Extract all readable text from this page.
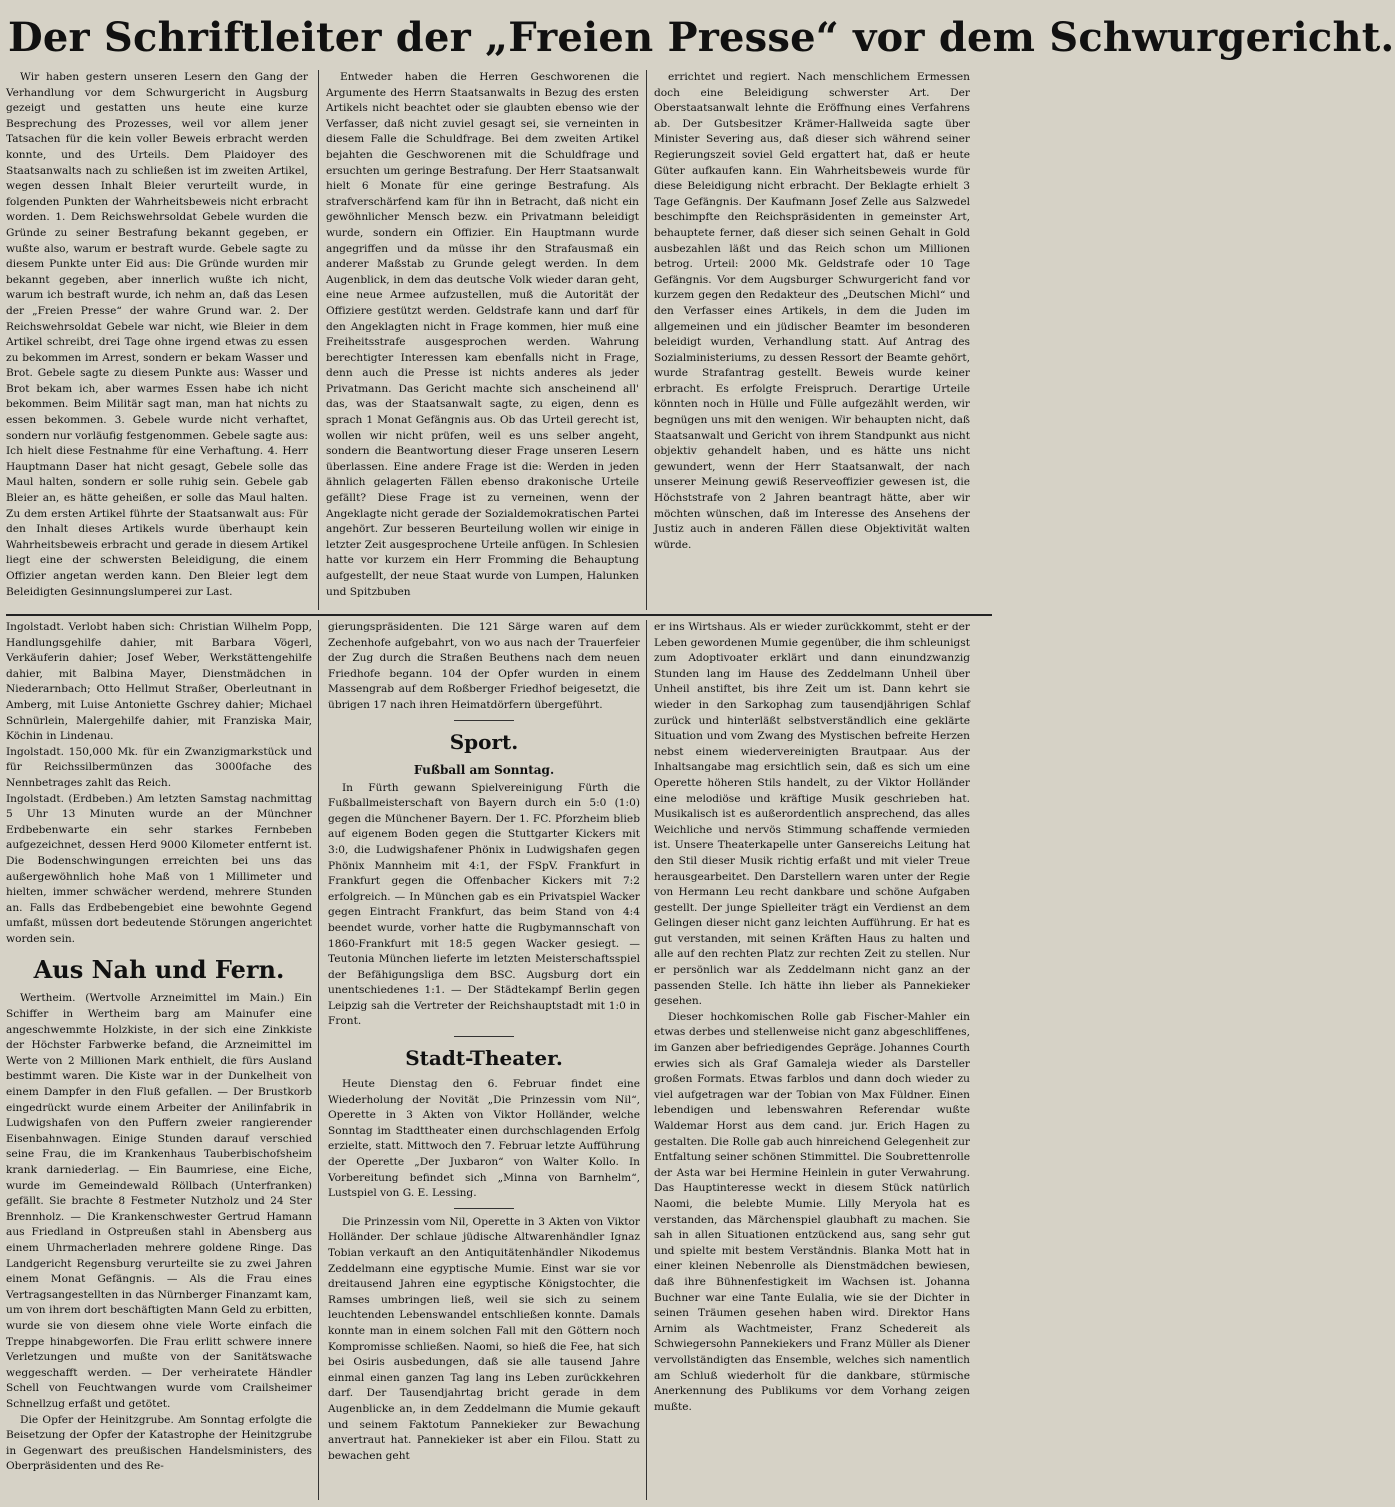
Der Schriftleiter der „Freien Presse“ vor dem Schwurgericht.

Wir haben gestern unseren Lesern den Gang der Verhandlung vor dem Schwurgericht in Augsburg gezeigt und gestatten uns heute eine kurze Besprechung des Prozesses, weil vor allem jener Tatsachen für die kein voller Beweis erbracht werden konnte, und des Urteils. Dem Plaidoyer des Staatsanwalts nach zu schließen ist im zweiten Artikel, wegen dessen Inhalt Bleier verurteilt wurde, in folgenden Punkten der Wahrheitsbeweis nicht erbracht worden. 1. Dem Reichswehrsoldat Gebele wurden die Gründe zu seiner Bestrafung bekannt gegeben, er wußte also, warum er bestraft wurde. Gebele sagte zu diesem Punkte unter Eid aus: Die Gründe wurden mir bekannt gegeben, aber innerlich wußte ich nicht, warum ich bestraft wurde, ich nehm an, daß das Lesen der „Freien Presse“ der wahre Grund war. 2. Der Reichswehrsoldat Gebele war nicht, wie Bleier in dem Artikel schreibt, drei Tage ohne irgend etwas zu essen zu bekommen im Arrest, sondern er bekam Wasser und Brot. Gebele sagte zu diesem Punkte aus: Wasser und Brot bekam ich, aber warmes Essen habe ich nicht bekommen. Beim Militär sagt man, man hat nichts zu essen bekommen. 3. Gebele wurde nicht verhaftet, sondern nur vorläufig festgenommen. Gebele sagte aus: Ich hielt diese Festnahme für eine Verhaftung. 4. Herr Hauptmann Daser hat nicht gesagt, Gebele solle das Maul halten, sondern er solle ruhig sein. Gebele gab Bleier an, es hätte geheißen, er solle das Maul halten. Zu dem ersten Artikel führte der Staatsanwalt aus: Für den Inhalt dieses Artikels wurde überhaupt kein Wahrheitsbeweis erbracht und gerade in diesem Artikel liegt eine der schwersten Beleidigung, die einem Offizier angetan werden kann. Den Bleier legt dem Beleidigten Gesinnungslumperei zur Last.

Entweder haben die Herren Geschworenen die Argumente des Herrn Staatsanwalts in Bezug des ersten Artikels nicht beachtet oder sie glaubten ebenso wie der Verfasser, daß nicht zuviel gesagt sei, sie verneinten in diesem Falle die Schuldfrage. Bei dem zweiten Artikel bejahten die Geschworenen mit die Schuldfrage und ersuchten um geringe Bestrafung. Der Herr Staatsanwalt hielt 6 Monate für eine geringe Bestrafung. Als strafverschärfend kam für ihn in Betracht, daß nicht ein gewöhnlicher Mensch bezw. ein Privatmann beleidigt wurde, sondern ein Offizier. Ein Hauptmann wurde angegriffen und da müsse ihr den Strafausmaß ein anderer Maßstab zu Grunde gelegt werden. In dem Augenblick, in dem das deutsche Volk wieder daran geht, eine neue Armee aufzustellen, muß die Autorität der Offiziere gestützt werden. Geldstrafe kann und darf für den Angeklagten nicht in Frage kommen, hier muß eine Freiheitsstrafe ausgesprochen werden. Wahrung berechtigter Interessen kam ebenfalls nicht in Frage, denn auch die Presse ist nichts anderes als jeder Privatmann. Das Gericht machte sich anscheinend all' das, was der Staatsanwalt sagte, zu eigen, denn es sprach 1 Monat Gefängnis aus. Ob das Urteil gerecht ist, wollen wir nicht prüfen, weil es uns selber angeht, sondern die Beantwortung dieser Frage unseren Lesern überlassen. Eine andere Frage ist die: Werden in jeden ähnlich gelagerten Fällen ebenso drakonische Urteile gefällt? Diese Frage ist zu verneinen, wenn der Angeklagte nicht gerade der Sozialdemokratischen Partei angehört. Zur besseren Beurteilung wollen wir einige in letzter Zeit ausgesprochene Urteile anfügen. In Schlesien hatte vor kurzem ein Herr Fromming die Behauptung aufgestellt, der neue Staat wurde von Lumpen, Halunken und Spitzbuben

errichtet und regiert. Nach menschlichem Ermessen doch eine Beleidigung schwerster Art. Der Oberstaatsanwalt lehnte die Eröffnung eines Verfahrens ab. Der Gutsbesitzer Krämer-Hallweida sagte über Minister Severing aus, daß dieser sich während seiner Regierungszeit soviel Geld ergattert hat, daß er heute Güter aufkaufen kann. Ein Wahrheitsbeweis wurde für diese Beleidigung nicht erbracht. Der Beklagte erhielt 3 Tage Gefängnis. Der Kaufmann Josef Zelle aus Salzwedel beschimpfte den Reichspräsidenten in gemeinster Art, behauptete ferner, daß dieser sich seinen Gehalt in Gold ausbezahlen läßt und das Reich schon um Millionen betrog. Urteil: 2000 Mk. Geldstrafe oder 10 Tage Gefängnis. Vor dem Augsburger Schwurgericht fand vor kurzem gegen den Redakteur des „Deutschen Michl“ und den Verfasser eines Artikels, in dem die Juden im allgemeinen und ein jüdischer Beamter im besonderen beleidigt wurden, Verhandlung statt. Auf Antrag des Sozialministeriums, zu dessen Ressort der Beamte gehört, wurde Strafantrag gestellt. Beweis wurde keiner erbracht. Es erfolgte Freispruch. Derartige Urteile könnten noch in Hülle und Fülle aufgezählt werden, wir begnügen uns mit den wenigen. Wir behaupten nicht, daß Staatsanwalt und Gericht von ihrem Standpunkt aus nicht objektiv gehandelt haben, und es hätte uns nicht gewundert, wenn der Herr Staatsanwalt, der nach unserer Meinung gewiß Reserveoffizier gewesen ist, die Höchststrafe von 2 Jahren beantragt hätte, aber wir möchten wünschen, daß im Interesse des Ansehens der Justiz auch in anderen Fällen diese Objektivität walten würde.

Ingolstadt. Verlobt haben sich: Christian Wilhelm Popp, Handlungsgehilfe dahier, mit Barbara Vögerl, Verkäuferin dahier; Josef Weber, Werkstättengehilfe dahier, mit Balbina Mayer, Dienstmädchen in Niederarnbach; Otto Hellmut Straßer, Oberleutnant in Amberg, mit Luise Antoniette Gschrey dahier; Michael Schnürlein, Malergehilfe dahier, mit Franziska Mair, Köchin in Lindenau.

Ingolstadt. 150,000 Mk. für ein Zwanzigmarkstück und für Reichssilbermünzen das 3000fache des Nennbetrages zahlt das Reich.

Ingolstadt. (Erdbeben.) Am letzten Samstag nachmittag 5 Uhr 13 Minuten wurde an der Münchner Erdbebenwarte ein sehr starkes Fernbeben aufgezeichnet, dessen Herd 9000 Kilometer entfernt ist. Die Bodenschwingungen erreichten bei uns das außergewöhnlich hohe Maß von 1 Millimeter und hielten, immer schwächer werdend, mehrere Stunden an. Falls das Erdbebengebiet eine bewohnte Gegend umfaßt, müssen dort bedeutende Störungen angerichtet worden sein.

Aus Nah und Fern.

Wertheim. (Wertvolle Arzneimittel im Main.) Ein Schiffer in Wertheim barg am Mainufer eine angeschwemmte Holzkiste, in der sich eine Zinkkiste der Höchster Farbwerke befand, die Arzneimittel im Werte von 2 Millionen Mark enthielt, die fürs Ausland bestimmt waren. Die Kiste war in der Dunkelheit von einem Dampfer in den Fluß gefallen. — Der Brustkorb eingedrückt wurde einem Arbeiter der Anilinfabrik in Ludwigshafen von den Puffern zweier rangierender Eisenbahnwagen. Einige Stunden darauf verschied seine Frau, die im Krankenhaus Tauberbischofsheim krank darniederlag. — Ein Baumriese, eine Eiche, wurde im Gemeindewald Röllbach (Unterfranken) gefällt. Sie brachte 8 Festmeter Nutzholz und 24 Ster Brennholz. — Die Krankenschwester Gertrud Hamann aus Friedland in Ostpreußen stahl in Abensberg aus einem Uhrmacherladen mehrere goldene Ringe. Das Landgericht Regensburg verurteilte sie zu zwei Jahren einem Monat Gefängnis. — Als die Frau eines Vertragsangestellten in das Nürnberger Finanzamt kam, um von ihrem dort beschäftigten Mann Geld zu erbitten, wurde sie von diesem ohne viele Worte einfach die Treppe hinabgeworfen. Die Frau erlitt schwere innere Verletzungen und mußte von der Sanitätswache weggeschafft werden. — Der verheiratete Händler Schell von Feuchtwangen wurde vom Crailsheimer Schnellzug erfaßt und getötet.

Die Opfer der Heinitzgrube. Am Sonntag erfolgte die Beisetzung der Opfer der Katastrophe der Heinitzgrube in Gegenwart des preußischen Handelsministers, des Oberpräsidenten und des Re-

gierungspräsidenten. Die 121 Särge waren auf dem Zechenhofe aufgebahrt, von wo aus nach der Trauerfeier der Zug durch die Straßen Beuthens nach dem neuen Friedhofe begann. 104 der Opfer wurden in einem Massengrab auf dem Roßberger Friedhof beigesetzt, die übrigen 17 nach ihren Heimatdörfern übergeführt.

Sport.
Fußball am Sonntag.

In Fürth gewann Spielvereinigung Fürth die Fußballmeisterschaft von Bayern durch ein 5:0 (1:0) gegen die Münchener Bayern. Der 1. FC. Pforzheim blieb auf eigenem Boden gegen die Stuttgarter Kickers mit 3:0, die Ludwigshafener Phönix in Ludwigshafen gegen Phönix Mannheim mit 4:1, der FSpV. Frankfurt in Frankfurt gegen die Offenbacher Kickers mit 7:2 erfolgreich. — In München gab es ein Privatspiel Wacker gegen Eintracht Frankfurt, das beim Stand von 4:4 beendet wurde, vorher hatte die Rugbymannschaft von 1860-Frankfurt mit 18:5 gegen Wacker gesiegt. — Teutonia München lieferte im letzten Meisterschaftsspiel der Befähigungsliga dem BSC. Augsburg dort ein unentschiedenes 1:1. — Der Städtekampf Berlin gegen Leipzig sah die Vertreter der Reichshauptstadt mit 1:0 in Front.

Stadt-Theater.

Heute Dienstag den 6. Februar findet eine Wiederholung der Novität „Die Prinzessin vom Nil“, Operette in 3 Akten von Viktor Holländer, welche Sonntag im Stadttheater einen durchschlagenden Erfolg erzielte, statt. Mittwoch den 7. Februar letzte Aufführung der Operette „Der Juxbaron“ von Walter Kollo. In Vorbereitung befindet sich „Minna von Barnhelm“, Lustspiel von G. E. Lessing.

Die Prinzessin vom Nil, Operette in 3 Akten von Viktor Holländer. Der schlaue jüdische Altwarenhändler Ignaz Tobian verkauft an den Antiquitätenhändler Nikodemus Zeddelmann eine egyptische Mumie. Einst war sie vor dreitausend Jahren eine egyptische Königstochter, die Ramses umbringen ließ, weil sie sich zu seinem leuchtenden Lebenswandel entschließen konnte. Damals konnte man in einem solchen Fall mit den Göttern noch Kompromisse schließen. Naomi, so hieß die Fee, hat sich bei Osiris ausbedungen, daß sie alle tausend Jahre einmal einen ganzen Tag lang ins Leben zurückkehren darf. Der Tausendjahrtag bricht gerade in dem Augenblicke an, in dem Zeddelmann die Mumie gekauft und seinem Faktotum Pannekieker zur Bewachung anvertraut hat. Pannekieker ist aber ein Filou. Statt zu bewachen geht

er ins Wirtshaus. Als er wieder zurückkommt, steht er der Leben gewordenen Mumie gegenüber, die ihm schleunigst zum Adoptivoater erklärt und dann einundzwanzig Stunden lang im Hause des Zeddelmann Unheil über Unheil anstiftet, bis ihre Zeit um ist. Dann kehrt sie wieder in den Sarkophag zum tausendjährigen Schlaf zurück und hinterläßt selbstverständlich eine geklärte Situation und vom Zwang des Mystischen befreite Herzen nebst einem wiedervereinigten Brautpaar. Aus der Inhaltsangabe mag ersichtlich sein, daß es sich um eine Operette höheren Stils handelt, zu der Viktor Holländer eine melodiöse und kräftige Musik geschrieben hat. Musikalisch ist es außerordentlich ansprechend, das alles Weichliche und nervös Stimmung schaffende vermieden ist. Unsere Theaterkapelle unter Gansereichs Leitung hat den Stil dieser Musik richtig erfaßt und mit vieler Treue herausgearbeitet. Den Darstellern waren unter der Regie von Hermann Leu recht dankbare und schöne Aufgaben gestellt. Der junge Spielleiter trägt ein Verdienst an dem Gelingen dieser nicht ganz leichten Aufführung. Er hat es gut verstanden, mit seinen Kräften Haus zu halten und alle auf den rechten Platz zur rechten Zeit zu stellen. Nur er persönlich war als Zeddelmann nicht ganz an der passenden Stelle. Ich hätte ihn lieber als Pannekieker gesehen.

Dieser hochkomischen Rolle gab Fischer-Mahler ein etwas derbes und stellenweise nicht ganz abgeschliffenes, im Ganzen aber befriedigendes Gepräge. Johannes Courth erwies sich als Graf Gamaleja wieder als Darsteller großen Formats. Etwas farblos und dann doch wieder zu viel aufgetragen war der Tobian von Max Füldner. Einen lebendigen und lebenswahren Referendar wußte Waldemar Horst aus dem cand. jur. Erich Hagen zu gestalten. Die Rolle gab auch hinreichend Gelegenheit zur Entfaltung seiner schönen Stimmittel. Die Soubrettenrolle der Asta war bei Hermine Heinlein in guter Verwahrung. Das Hauptinteresse weckt in diesem Stück natürlich Naomi, die belebte Mumie. Lilly Meryola hat es verstanden, das Märchenspiel glaubhaft zu machen. Sie sah in allen Situationen entzückend aus, sang sehr gut und spielte mit bestem Verständnis. Blanka Mott hat in einer kleinen Nebenrolle als Dienstmädchen bewiesen, daß ihre Bühnenfestigkeit im Wachsen ist. Johanna Buchner war eine Tante Eulalia, wie sie der Dichter in seinen Träumen gesehen haben wird. Direktor Hans Arnim als Wachtmeister, Franz Schedereit als Schwiegersohn Pannekiekers und Franz Müller als Diener vervollständigten das Ensemble, welches sich namentlich am Schluß wiederholt für die dankbare, stürmische Anerkennung des Publikums vor dem Vorhang zeigen mußte.
